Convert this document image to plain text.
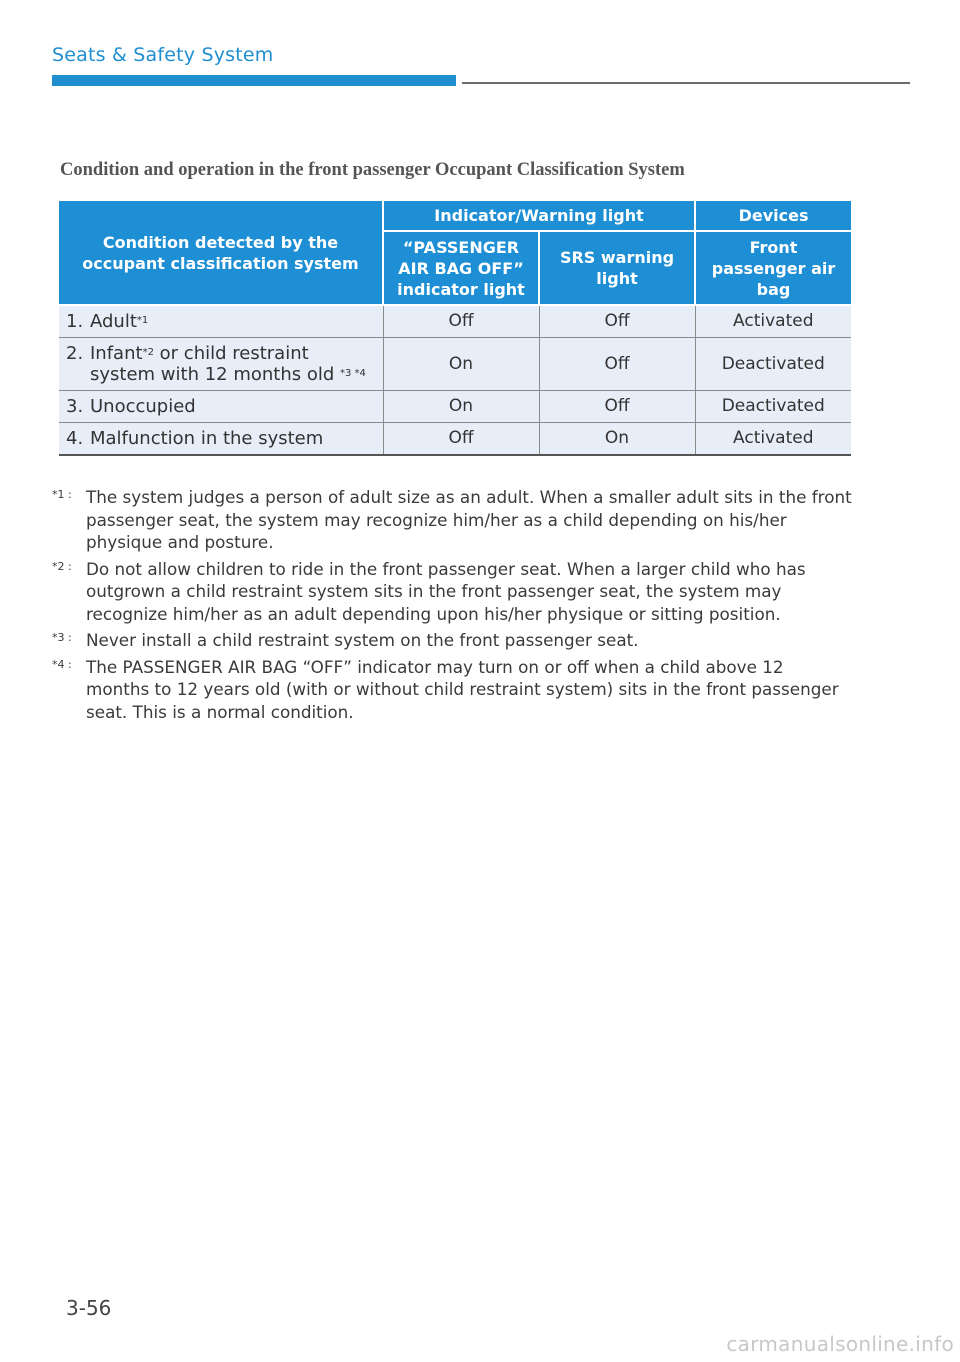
Seats & Safety System
Condition and operation in the front passenger Occupant Classification System
Condition detected by the occupant classification system	Indicator/Warning light		Devices
	“PASSENGER AIR BAG OFF” indicator light	SRS warning light	Front passenger air bag

1. Adult$^{*1}$	Off	Off	Activated

2. Infant$^{*2}$ or child restraint system with 12 months old $^{*3 *4}$	On	Off	Deactivated

3. Unoccupied	On	Off	Deactivated

4. Malfunction in the system	Off	On	Activated
*1 : The system judges a person of adult size as an adult. When a smaller adult sits in the front passenger seat, the system may recognize him/her as a child depending on his/her physique and posture.
*2 : Do not allow children to ride in the front passenger seat. When a larger child who has outgrown a child restraint system sits in the front passenger seat, the system may recognize him/her as an adult depending upon his/her physique or sitting position.
*3 : Never install a child restraint system on the front passenger seat.
*4 : The PASSENGER AIR BAG “OFF” indicator may turn on or off when a child above 12 months to 12 years old (with or without child restraint system) sits in the front passenger seat. This is a normal condition.
3-56
carmanualsonline.info
